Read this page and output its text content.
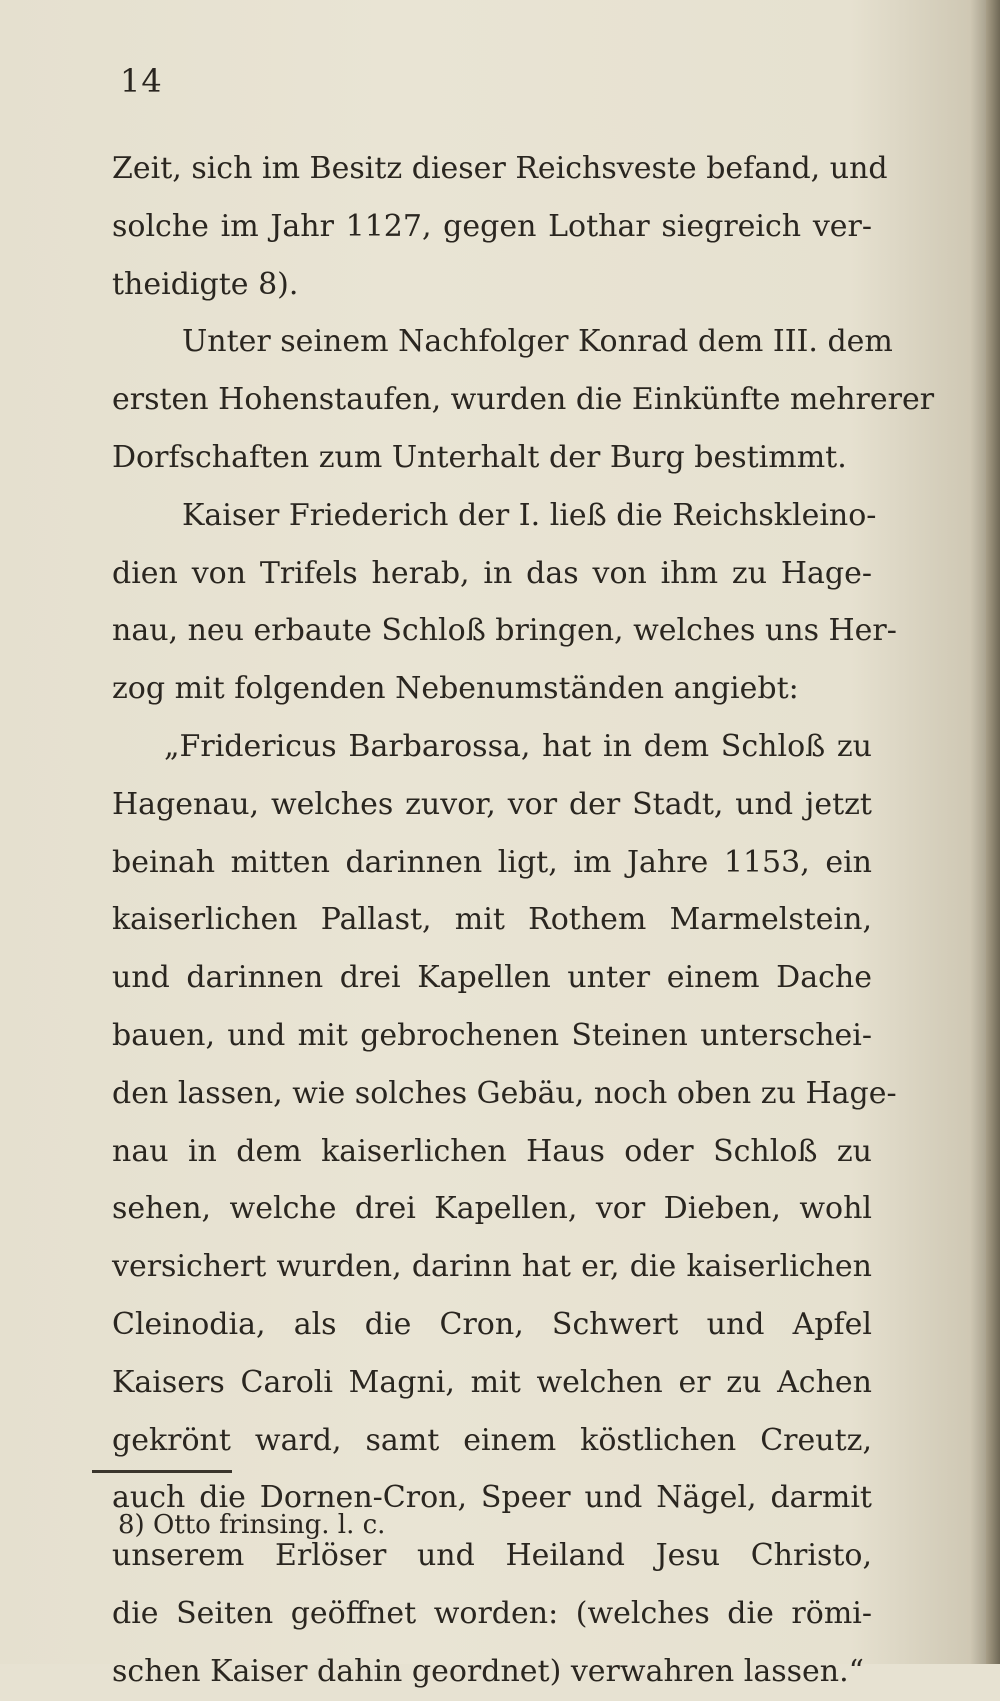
14
Zeit, sich im Besitz dieser Reichsveste befand, und
solche im Jahr 1127, gegen Lothar siegreich ver-
theidigte 8).
Unter seinem Nachfolger Konrad dem III. dem
ersten Hohenstaufen, wurden die Einkünfte mehrerer
Dorfschaften zum Unterhalt der Burg bestimmt.
Kaiser Friederich der I. ließ die Reichskleino-
dien von Trifels herab, in das von ihm zu Hage-
nau, neu erbaute Schloß bringen, welches uns Her-
zog mit folgenden Nebenumständen angiebt:
„Fridericus Barbarossa, hat in dem Schloß zu
Hagenau, welches zuvor, vor der Stadt, und jetzt
beinah mitten darinnen ligt, im Jahre 1153, ein
kaiserlichen Pallast, mit Rothem Marmelstein,
und darinnen drei Kapellen unter einem Dache
bauen, und mit gebrochenen Steinen unterschei-
den lassen, wie solches Gebäu, noch oben zu Hage-
nau in dem kaiserlichen Haus oder Schloß zu
sehen, welche drei Kapellen, vor Dieben, wohl
versichert wurden, darinn hat er, die kaiserlichen
Cleinodia, als die Cron, Schwert und Apfel
Kaisers Caroli Magni, mit welchen er zu Achen
gekrönt ward, samt einem köstlichen Creutz,
auch die Dornen-Cron, Speer und Nägel, darmit
unserem Erlöser und Heiland Jesu Christo,
die Seiten geöffnet worden: (welches die römi-
schen Kaiser dahin geordnet) verwahren lassen.“
8) Otto frinsing. l. c.
